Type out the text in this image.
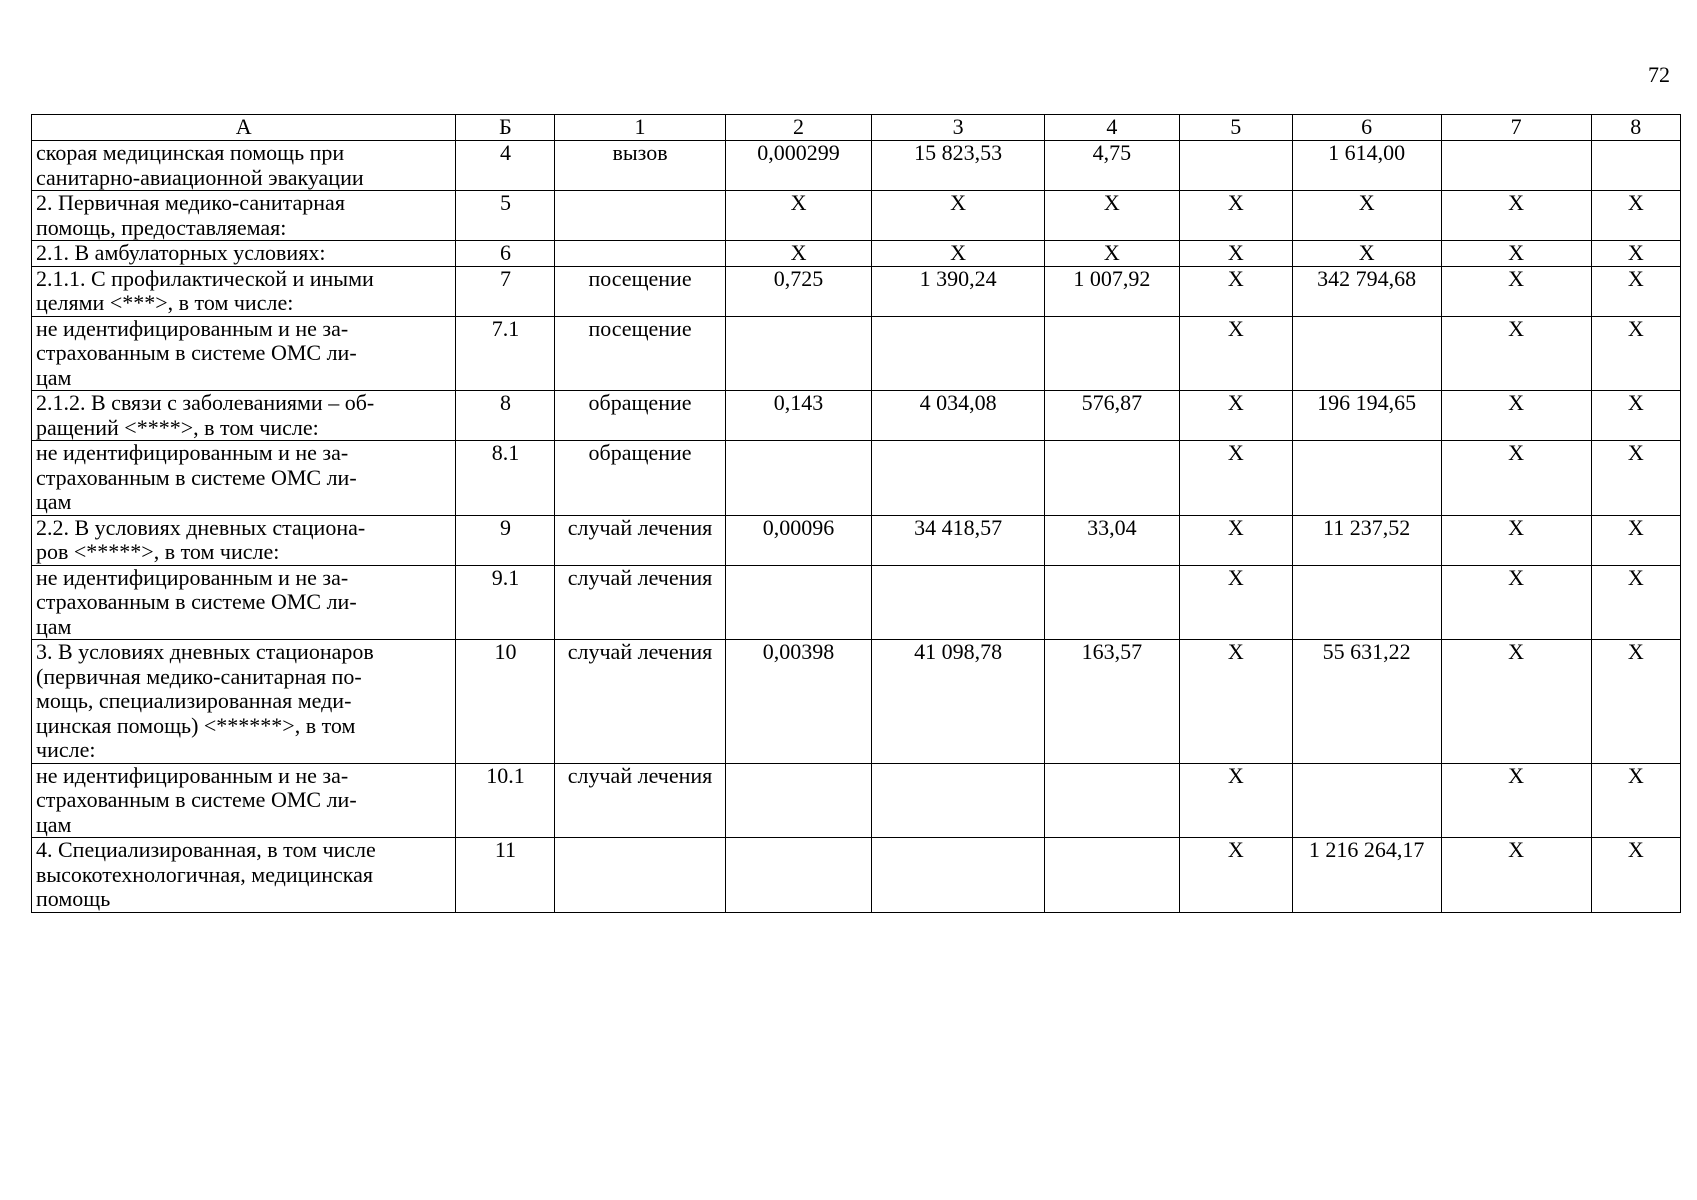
72
А	Б	1	2	3	4	5	6	7	8

скорая медицинская помощь при
санитарно-авиационной эвакуации	4	вызов	0,000299	15 823,53	4,75		1 614,00		

2. Первичная медико-санитарная
помощь, предоставляемая:	5		X	X	X	X	X	X	X

2.1. В амбулаторных условиях:	6		X	X	X	X	X	X	X

2.1.1. С профилактической и иными
целями <***>, в том числе:	7	посещение	0,725	1 390,24	1 007,92	X	342 794,68	X	X

не идентифицированным и не за-
страхованным в системе ОМС ли-
цам	7.1	посещение				X		X	X

2.1.2. В связи с заболеваниями – об-
ращений <****>, в том числе:	8	обращение	0,143	4 034,08	576,87	X	196 194,65	X	X

не идентифицированным и не за-
страхованным в системе ОМС ли-
цам	8.1	обращение				X		X	X

2.2. В условиях дневных стациона-
ров <*****>, в том числе:	9	случай лечения	0,00096	34 418,57	33,04	X	11 237,52	X	X

не идентифицированным и не за-
страхованным в системе ОМС ли-
цам	9.1	случай лечения				X		X	X

3. В условиях дневных стационаров
(первичная медико-санитарная по-
мощь, специализированная меди-
цинская помощь) <******>, в том
числе:	10	случай лечения	0,00398	41 098,78	163,57	X	55 631,22	X	X

не идентифицированным и не за-
страхованным в системе ОМС ли-
цам	10.1	случай лечения				X		X	X

4. Специализированная, в том числе
высокотехнологичная, медицинская
помощь	11					X	1 216 264,17	X	X
